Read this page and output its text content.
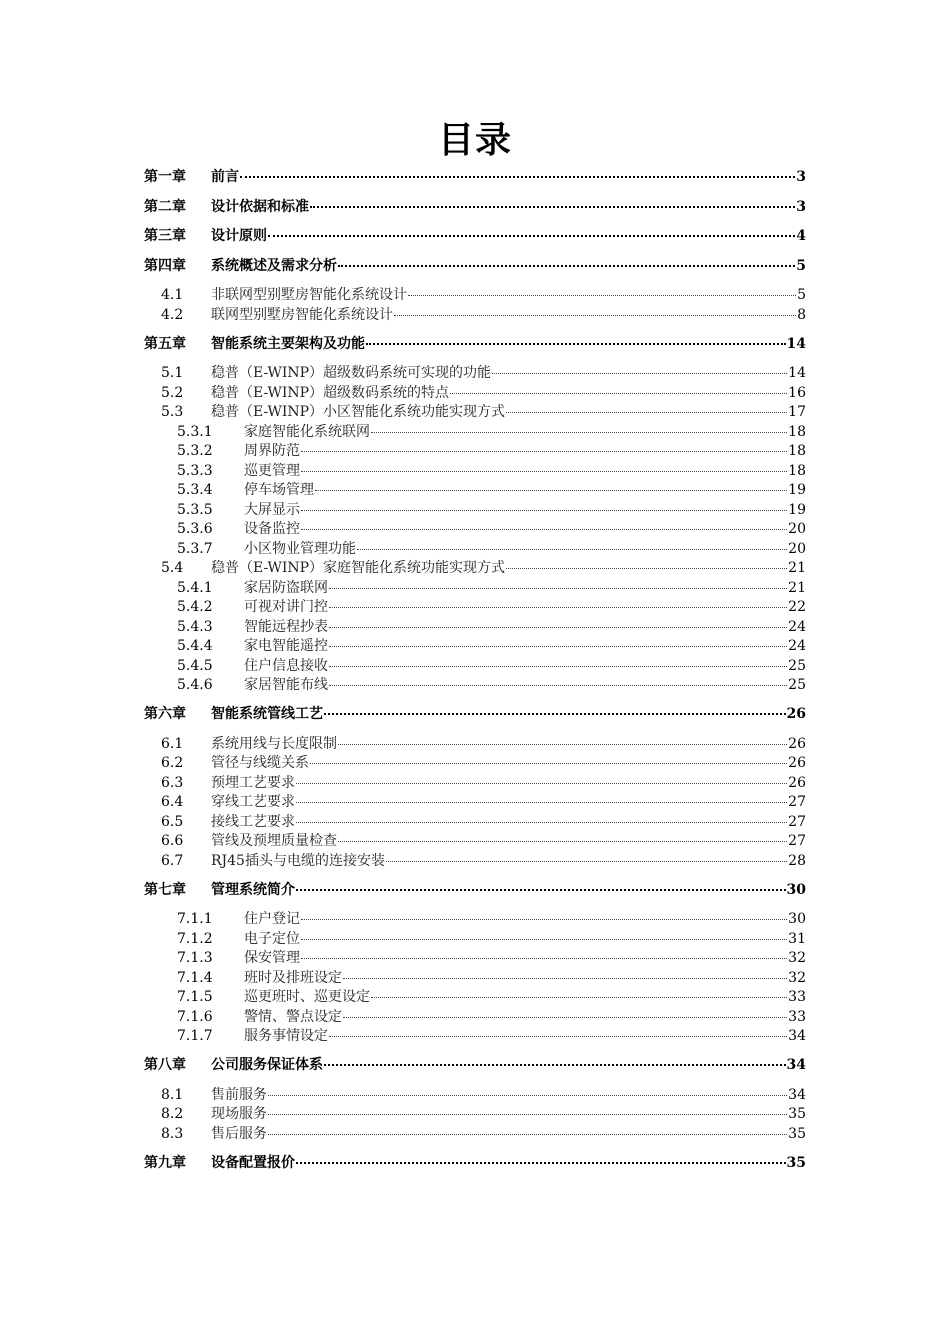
目录
第一章	前言	3
第二章	设计依据和标准	3
第三章	设计原则	4
第四章	系统概述及需求分析	5
4.1	非联网型别墅房智能化系统设计	5
4.2	联网型别墅房智能化系统设计	8
第五章	智能系统主要架构及功能	14
5.1	稳普（E-WINP）超级数码系统可实现的功能	14
5.2	稳普（E-WINP）超级数码系统的特点	16
5.3	稳普（E-WINP）小区智能化系统功能实现方式	17
5.3.1	家庭智能化系统联网	18
5.3.2	周界防范	18
5.3.3	巡更管理	18
5.3.4	停车场管理	19
5.3.5	大屏显示	19
5.3.6	设备监控	20
5.3.7	小区物业管理功能	20
5.4	稳普（E-WINP）家庭智能化系统功能实现方式	21
5.4.1	家居防盗联网	21
5.4.2	可视对讲门控	22
5.4.3	智能远程抄表	24
5.4.4	家电智能遥控	24
5.4.5	住户信息接收	25
5.4.6	家居智能布线	25
第六章	智能系统管线工艺	26
6.1	系统用线与长度限制	26
6.2	管径与线缆关系	26
6.3	预埋工艺要求	26
6.4	穿线工艺要求	27
6.5	接线工艺要求	27
6.6	管线及预埋质量检查	27
6.7	RJ45插头与电缆的连接安装	28
第七章	管理系统简介	30
7.1.1	住户登记	30
7.1.2	电子定位	31
7.1.3	保安管理	32
7.1.4	班时及排班设定	32
7.1.5	巡更班时、巡更设定	33
7.1.6	警情、警点设定	33
7.1.7	服务事情设定	34
第八章	公司服务保证体系	34
8.1	售前服务	34
8.2	现场服务	35
8.3	售后服务	35
第九章	设备配置报价	35
